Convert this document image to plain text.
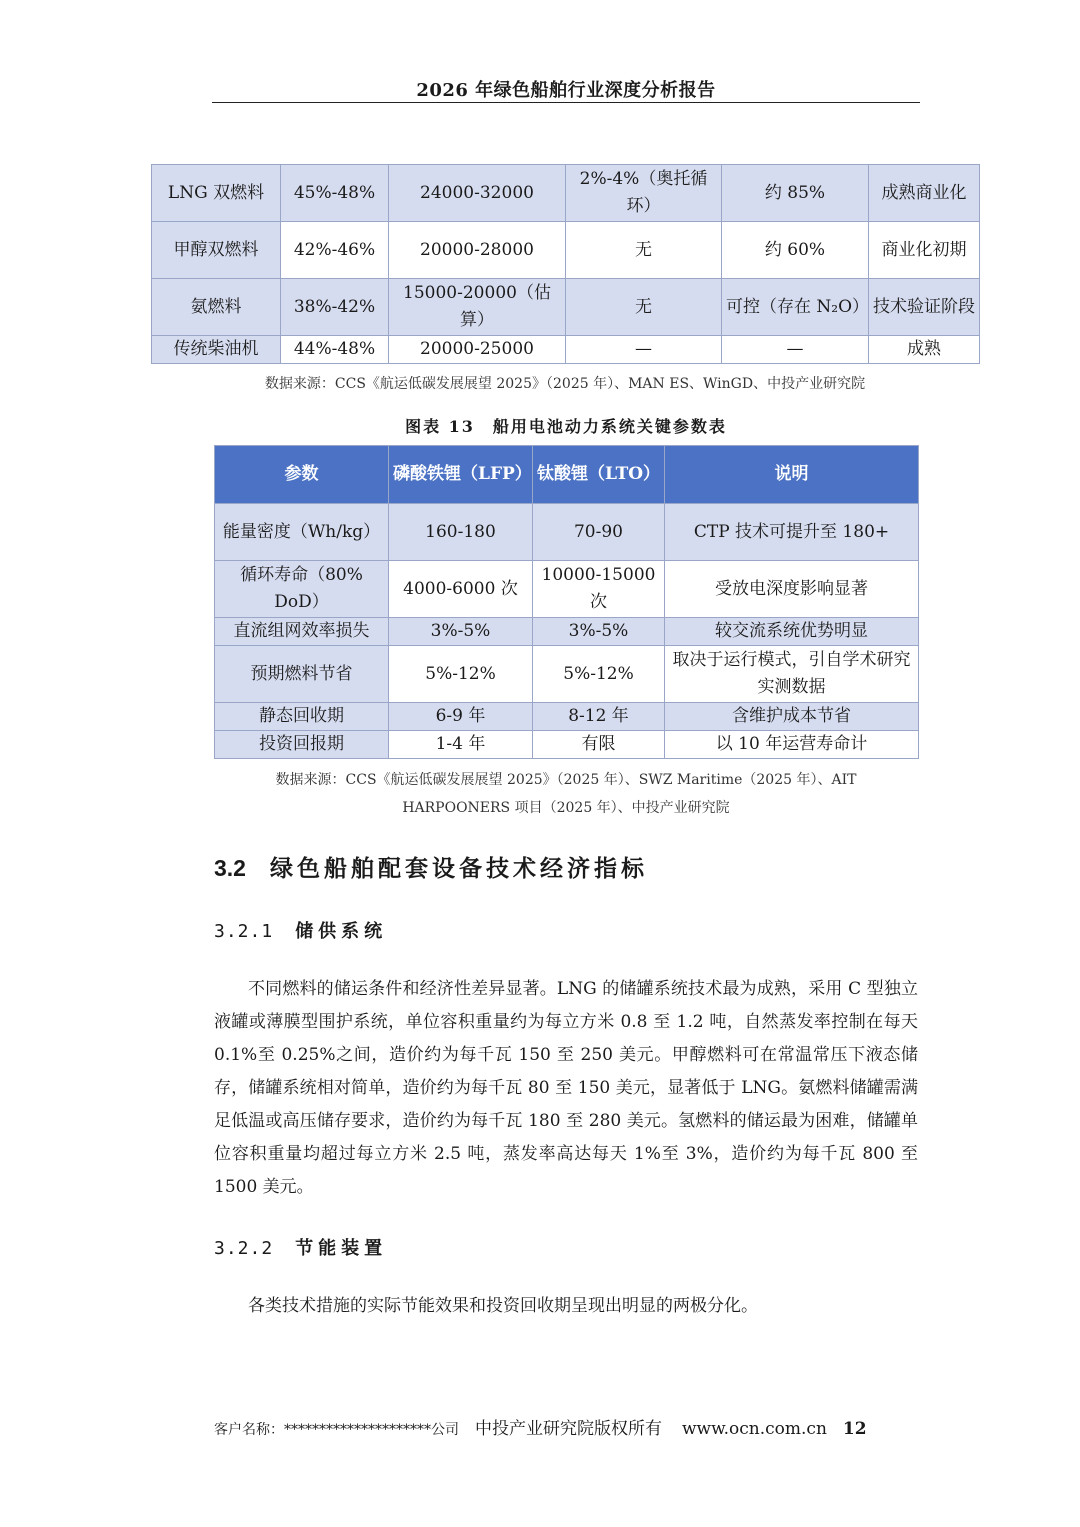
2026 年绿色船舶行业深度分析报告
LNG 双燃料	45%-48%	24000-32000	2%-4%（奥托循环）	约 85%	成熟商业化
甲醇双燃料	42%-46%	20000-28000	无	约 60%	商业化初期
氨燃料	38%-42%	15000-20000（估算）	无	可控（存在 N₂O）	技术验证阶段
传统柴油机	44%-48%	20000-25000	—	—	成熟
数据来源：CCS《航运低碳发展展望 2025》（2025 年）、MAN ES、WinGD、中投产业研究院
图表 13　船用电池动力系统关键参数表
参数	磷酸铁锂（LFP）	钛酸锂（LTO）	说明
能量密度（Wh/kg）	160-180	70-90	CTP 技术可提升至 180+
循环寿命（80% DoD）	4000-6000 次	10000-15000 次	受放电深度影响显著
直流组网效率损失	3%-5%	3%-5%	较交流系统优势明显
预期燃料节省	5%-12%	5%-12%	取决于运行模式，引自学术研究实测数据
静态回收期	6-9 年	8-12 年	含维护成本节省
投资回报期	1-4 年	有限	以 10 年运营寿命计
数据来源：CCS《航运低碳发展展望 2025》（2025 年）、SWZ Maritime（2025 年）、AIT
HARPOONERS 项目（2025 年）、中投产业研究院
3.2 绿色船舶配套设备技术经济指标
3.2.1 储供系统

不同燃料的储运条件和经济性差异显著。LNG 的储罐系统技术最为成熟，采用 C 型独立液罐或薄膜型围护系统，单位容积重量约为每立方米 0.8 至 1.2 吨，自然蒸发率控制在每天 0.1%至 0.25%之间，造价约为每千瓦 150 至 250 美元。甲醇燃料可在常温常压下液态储存，储罐系统相对简单，造价约为每千瓦 80 至 150 美元，显著低于 LNG。氨燃料储罐需满足低温或高压储存要求，造价约为每千瓦 180 至 280 美元。氢燃料的储运最为困难，储罐单位容积重量均超过每立方米 2.5 吨，蒸发率高达每天 1%至 3%，造价约为每千瓦 800 至 1500 美元。

3.2.2 节能装置

各类技术措施的实际节能效果和投资回收期呈现出明显的两极分化。

客户名称：*********************公司 中投产业研究院版权所有 www.ocn.com.cn 12
